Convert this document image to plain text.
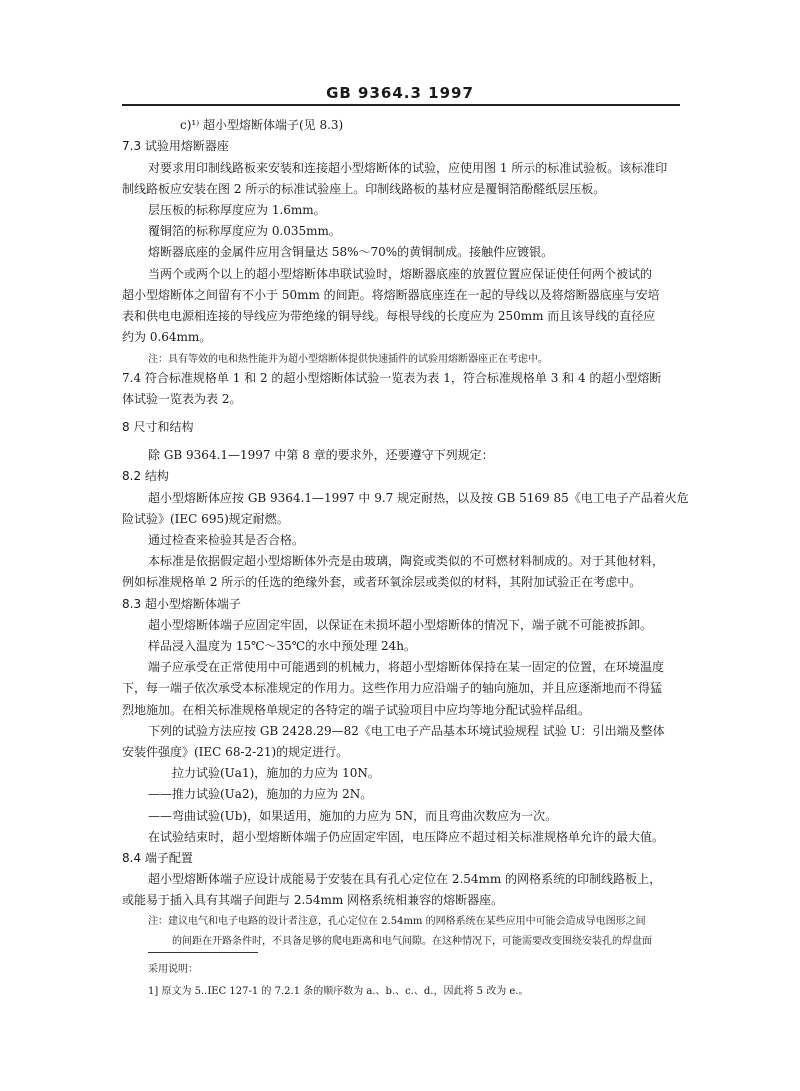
GB 9364.3 1997
c)¹⁾ 超小型熔断体端子(见 8.3)
7.3 试验用熔断器座
对要求用印制线路板来安装和连接超小型熔断体的试验，应使用图 1 所示的标准试验板。该标准印
制线路板应安装在图 2 所示的标准试验座上。印制线路板的基材应是覆铜箔酚醛纸层压板。
层压板的标称厚度应为 1.6mm。
覆铜箔的标称厚度应为 0.035mm。
熔断器底座的金属件应用含铜量达 58%～70%的黄铜制成。接触件应镀银。
当两个或两个以上的超小型熔断体串联试验时，熔断器底座的放置位置应保证使任何两个被试的
超小型熔断体之间留有不小于 50mm 的间距。将熔断器底座连在一起的导线以及将熔断器底座与安培
表和供电电源相连接的导线应为带绝缘的铜导线。每根导线的长度应为 250mm 而且该导线的直径应
约为 0.64mm。
注：具有等效的电和热性能并为超小型熔断体提供快速插件的试验用熔断器座正在考虑中。
7.4 符合标准规格单 1 和 2 的超小型熔断体试验一览表为表 1，符合标准规格单 3 和 4 的超小型熔断
体试验一览表为表 2。
8 尺寸和结构
除 GB 9364.1—1997 中第 8 章的要求外，还要遵守下列规定：
8.2 结构
超小型熔断体应按 GB 9364.1—1997 中 9.7 规定耐热，以及按 GB 5169 85《电工电子产品着火危
险试验》(IEC 695)规定耐燃。
通过检查来检验其是否合格。
本标准是依据假定超小型熔断体外壳是由玻璃，陶瓷或类似的不可燃材料制成的。对于其他材料，
例如标准规格单 2 所示的任选的绝缘外套，或者环氧涂层或类似的材料，其附加试验正在考虑中。
8.3 超小型熔断体端子
超小型熔断体端子应固定牢固，以保证在未损坏超小型熔断体的情况下，端子就不可能被拆卸。
样品浸入温度为 15℃～35℃的水中预处理 24h。
端子应承受在正常使用中可能遇到的机械力，将超小型熔断体保持在某一固定的位置，在环境温度
下，每一端子依次承受本标准规定的作用力。这些作用力应沿端子的轴向施加，并且应逐渐地而不得猛
烈地施加。在相关标准规格单规定的各特定的端子试验项目中应均等地分配试验样品组。
下列的试验方法应按 GB 2428.29—82《电工电子产品基本环境试验规程 试验 U：引出端及整体
安装件强度》(IEC 68-2-21)的规定进行。
拉力试验(Ua1)，施加的力应为 10N。
——推力试验(Ua2)，施加的力应为 2N。
——弯曲试验(Ub)，如果适用，施加的力应为 5N，而且弯曲次数应为一次。
在试验结束时，超小型熔断体端子仍应固定牢固，电压降应不超过相关标准规格单允许的最大值。
8.4 端子配置
超小型熔断体端子应设计成能易于安装在具有孔心定位在 2.54mm 的网格系统的印制线路板上，
或能易于插入具有其端子间距与 2.54mm 网格系统相兼容的熔断器座。
注：建议电气和电子电路的设计者注意，孔心定位在 2.54mm 的网格系统在某些应用中可能会造成导电图形之间
的间距在开路条件时，不具备足够的爬电距离和电气间隙。在这种情况下，可能需要改变围绕安装孔的焊盘面
采用说明：
1] 原文为 5..IEC 127-1 的 7.2.1 条的顺序数为 a.、b.、c.、d.，因此将 5 改为 e.。
